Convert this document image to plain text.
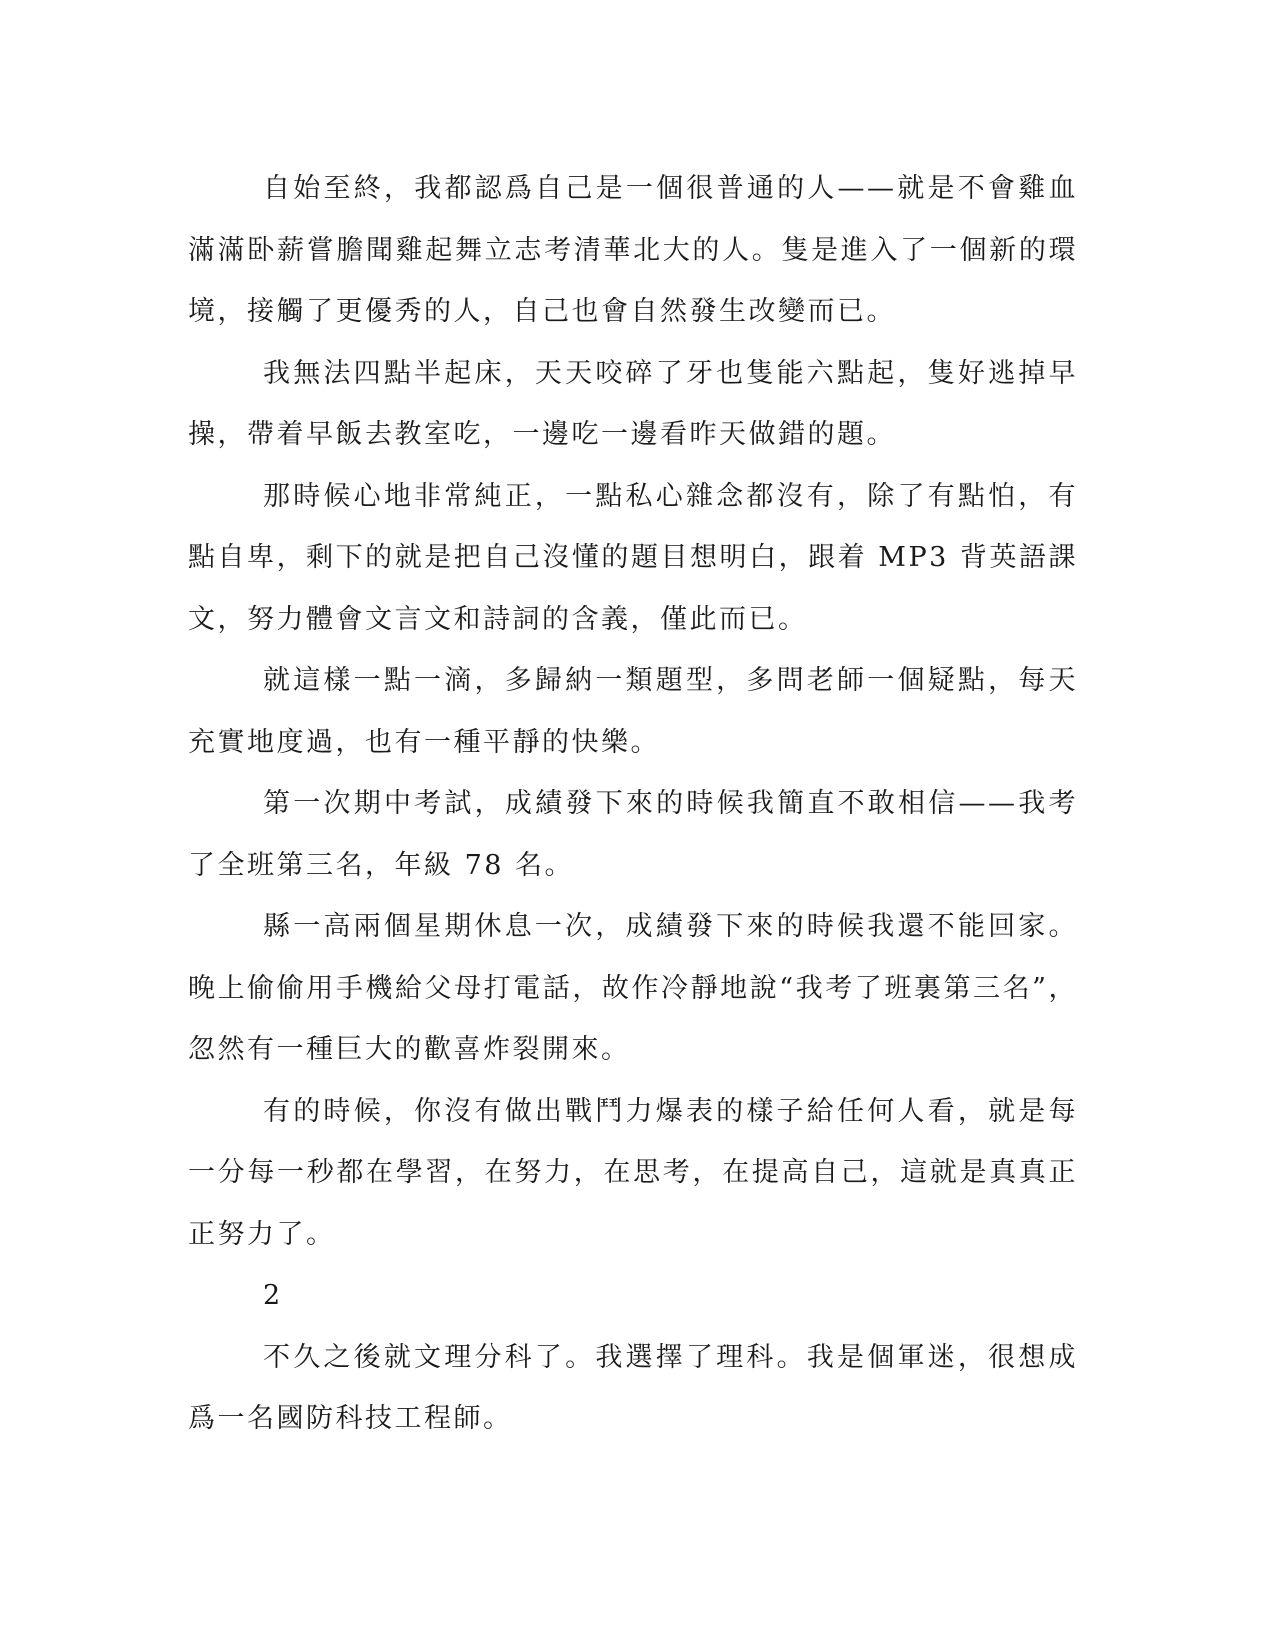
自始至終，我都認爲自己是一個很普通的人——就是不會雞血滿滿卧薪嘗膽聞雞起舞立志考清華北大的人。隻是進入了一個新的環境，接觸了更優秀的人，自己也會自然發生改變而已。

我無法四點半起床，天天咬碎了牙也隻能六點起，隻好逃掉早操，帶着早飯去教室吃，一邊吃一邊看昨天做錯的題。

那時候心地非常純正，一點私心雜念都沒有，除了有點怕，有點自卑，剩下的就是把自己沒懂的題目想明白，跟着 MP3 背英語課文，努力體會文言文和詩詞的含義，僅此而已。

就這樣一點一滴，多歸納一類題型，多問老師一個疑點，每天充實地度過，也有一種平靜的快樂。

第一次期中考試，成績發下來的時候我簡直不敢相信——我考了全班第三名，年級 78 名。

縣一高兩個星期休息一次，成績發下來的時候我還不能回家。晚上偷偷用手機給父母打電話，故作冷靜地說“我考了班裏第三名”，忽然有一種巨大的歡喜炸裂開來。

有的時候，你沒有做出戰鬥力爆表的樣子給任何人看，就是每一分每一秒都在學習，在努力，在思考，在提高自己，這就是真真正正努力了。

2

不久之後就文理分科了。我選擇了理科。我是個軍迷，很想成爲一名國防科技工程師。
